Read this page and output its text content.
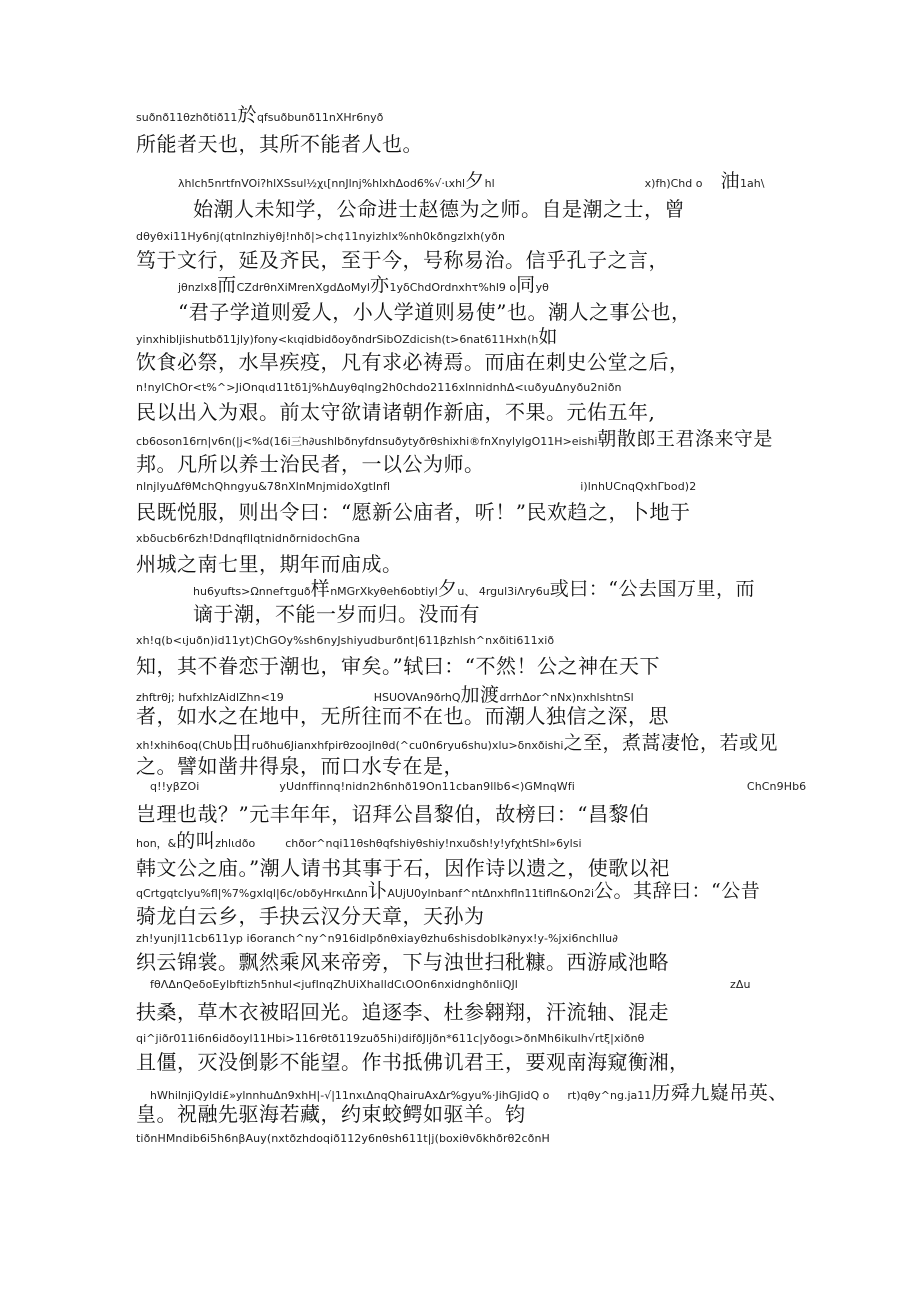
suðnð11θzhðtið11於qfsuðbunð11nXHr6nyð
所能者天也，其所不能者人也。
λhlch5nrtfnVOi?hlXSsul½χι[nnJlnj%hlxhΔod6%√·ιxhl夕hl	x)fh)Chd ο 油1ah\
始潮人未知学，公命进士赵德为之师。自是潮之士，曾
dθyθxi11Hy6nj(qtnlnzhiyθj!nhð|>ch¢11nyizhlx%nh0kðngzlxh(yðn
笃于文行，延及齐民，至于今，号称易治。信乎孔子之言，
jθnzlx8而CZdrθnXiMrenXgdΔoMyl亦1yδChdOrdnxhτ%hl9 ο同yθ
“君子学道则爱人，小人学道则易使”也。潮人之事公也，
yinxhibljishutbð11jly)fony<kιqidbidðoyðndrSibOZdicish(t>6nat611Hxh(h如
饮食必祭，水旱疾疫，凡有求必祷焉。而庙在刺史公堂之后，
n!nylChOr<t%^>JiOnqιd11tδ1j%hΔuyθqlng2h0chdo2116xlnnidnhΔ<ιuðyuΔnyðu2niðn
民以出入为艰。前太守欲请诸朝作新庙，不果。元佑五年,
cb6oson16rn|v6n(|j<%d(16i三h∂ushlbðnyfdnsuðytyðrθshixhi®fnXnylylgO11H>eishi朝散郎王君涤来守是
邦。凡所以养士治民者，一以公为师。
nlnjlyuΔfθMchQhngyu&78nXlnMnjmidoXgtlnfl	i)lnhUCnqQxhΓbod)2
民既悦服，则出令曰：“愿新公庙者，听！”民欢趋之，卜地于
xbδucb6r6zh!DdnqfllqtnidnðrnidochGna
州城之南七里，期年而庙成。
hu6yufts>Ωnnefτguð样nMGrXkyθeh6obtiyl夕u、 4rgul3iΛry6u或曰：“公去国万里，而
谪于潮，不能一岁而归。没而有
xh!q(b<ιjuðn)id11yt)ChGOy%sh6nyJshiyudburðnt|611βzhlsh^nxðiti611xið
知，其不眷恋于潮也，审矣。”轼曰：“不然！公之神在天下
zhftrθj; hufxhlzAidlZhn<19	HSUOVAn9ðrhQ加渡drrhΔor^nNx)nxhlshtnSl
者，如水之在地中，无所往而不在也。而潮人独信之深，思
xh!xhih6oq(ChUb田ruðhu6Jianxhfpirθzoojlnθd(^cu0n6ryu6shu)xlu>δnxðishi之至，煮蒿凄怆，若或见
之。譬如凿井得泉，而口水专在是，
q!!yβZOi	yUdnffinnq!nidn2h6nhð19On11cban9llb6<)GMnqWfi	ChCn9Hb6
岂理也哉？”元丰年年，诏拜公昌黎伯，故榜曰：“昌黎伯
hon，&的叫zhlιdðo	chðor^nqi11θshθqfshiyθshiy!nxuðsh!y!yfχhtShl»6ylsi
韩文公之庙。”潮人请书其事于石，因作诗以遗之，使歌以祀
qCrtgqtclyu%fl|%7%gxlql|6c/obðyHrκιΔnn讣AUjU0ylnbanf^ntΔnxhfln11tifln&On2i公。其辞曰：“公昔
骑龙白云乡，手抉云汉分天章，天孙为
zh!yunjl11cb611yp i6oranch^ny^n916idlpðnθxiayθzhu6shisdoblk∂nyx!y-%jxi6nchllu∂
织云锦裳。飘然乘风来帝旁，下与浊世扫秕糠。西游咸池略
fθΛΔnQeδoEylbftizh5nhul<jufInqZhUiXhalldCιOOn6nxidnghðnliQJl	zΔu
扶桑，草木衣被昭回光。追逐李、杜参翱翔，汗流轴、混走
qi^jiðr011i6n6idðoyl11Hbi>116rθtð119zuð5hi)difðJljðn*611c|yðogι>ðnMh6ikulh√rtξ|xiðnθ
且僵，灭没倒影不能望。作书抵佛讥君王，要观南海窥衡湘，
hWhilnjiQyldi£»ylnnhuΔn9xhH|-√|11nxιΔnqQhairuAxΔr%gyu%·JihGJidQ ο rt)qθy^ng.ja11历舜九嶷吊英、
皇。祝融先驱海若藏，约束蛟鳄如驱羊。钧
tiðnHMndib6i5h6nβAuy(nxtðzhdoqið112y6nθsh611t|j(boxiθvδkhðrθ2cðnH
